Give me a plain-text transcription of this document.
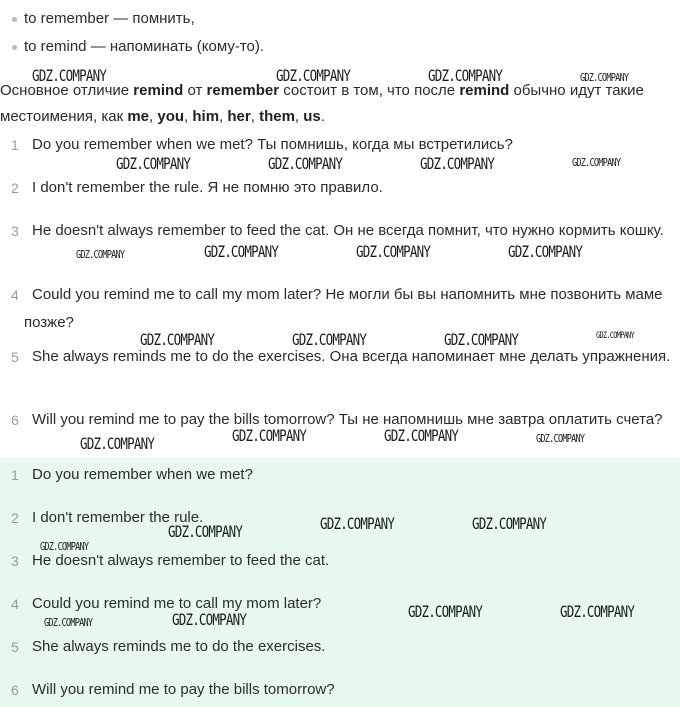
to remember — помнить,
to remind — напоминать (кому-то).
Основное отличие remind от remember состоит в том, что после remind обычно идут такие местоимения, как me, you, him, her, them, us.
1 Do you remember when we met? Ты помнишь, когда мы встретились?
2 I don't remember the rule. Я не помню это правило.
3 He doesn't always remember to feed the cat. Он не всегда помнит, что нужно кормить кошку.
4 Could you remind me to call my mom later? Не могли бы вы напомнить мне позвонить маме позже?
5 She always reminds me to do the exercises. Она всегда напоминает мне делать упражнения.
6 Will you remind me to pay the bills tomorrow? Ты не напомнишь мне завтра оплатить счета?
1 Do you remember when we met?
2 I don't remember the rule.
3 He doesn't always remember to feed the cat.
4 Could you remind me to call my mom later?
5 She always reminds me to do the exercises.
6 Will you remind me to pay the bills tomorrow?
GDZ.COMPANY	GDZ.COMPANY	GDZ.COMPANY	GDZ.COMPANY
GDZ.COMPANY	GDZ.COMPANY	GDZ.COMPANY	GDZ.COMPANY
GDZ.COMPANY	GDZ.COMPANY	GDZ.COMPANY	GDZ.COMPANY
GDZ.COMPANY	GDZ.COMPANY	GDZ.COMPANY	GDZ.COMPANY
GDZ.COMPANY	GDZ.COMPANY	GDZ.COMPANY	GDZ.COMPANY
GDZ.COMPANY	GDZ.COMPANY	GDZ.COMPANY
GDZ.COMPANY
GDZ.COMPANY	GDZ.COMPANY
GDZ.COMPANY	GDZ.COMPANY
